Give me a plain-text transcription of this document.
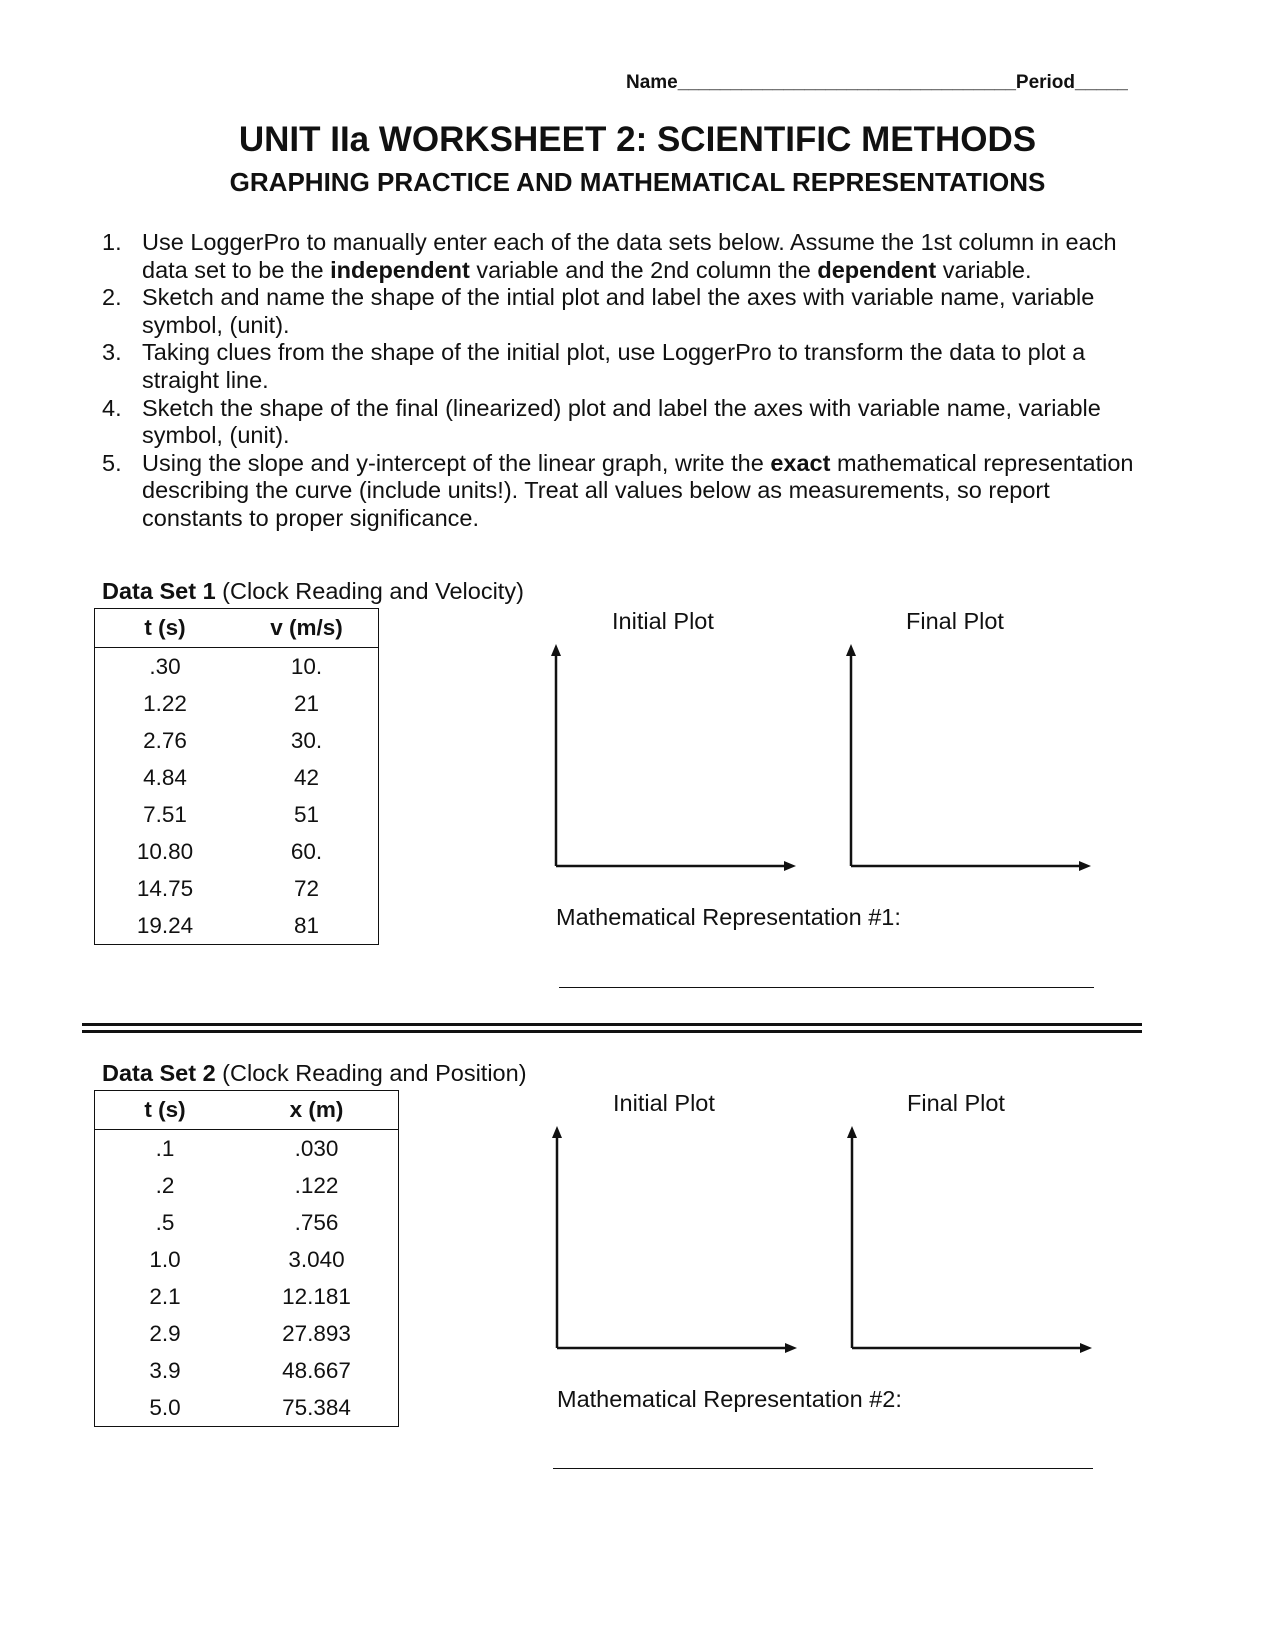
Name________________________________Period_____
UNIT IIa WORKSHEET 2: SCIENTIFIC METHODS
GRAPHING PRACTICE AND MATHEMATICAL REPRESENTATIONS
1. Use LoggerPro to manually enter each of the data sets below. Assume the 1st column in each data set to be the independent variable and the 2nd column the dependent variable.
2. Sketch and name the shape of the intial plot and label the axes with variable name, variable symbol, (unit).
3. Taking clues from the shape of the initial plot, use LoggerPro to transform the data to plot a straight line.
4. Sketch the shape of the final (linearized) plot and label the axes with variable name, variable symbol, (unit).
5. Using the slope and y-intercept of the linear graph, write the exact mathematical representation describing the curve (include units!). Treat all values below as measurements, so report constants to proper significance.
Data Set 1 (Clock Reading and Velocity)
t (s)	v (m/s)
.30	10.
1.22	21
2.76	30.
4.84	42
7.51	51
10.80	60.
14.75	72
19.24	81
Initial Plot	Final Plot
Mathematical Representation #1:
Data Set 2 (Clock Reading and Position)
t (s)	x (m)
.1	.030
.2	.122
.5	.756
1.0	3.040
2.1	12.181
2.9	27.893
3.9	48.667
5.0	75.384
Initial Plot	Final Plot
Mathematical Representation #2:
